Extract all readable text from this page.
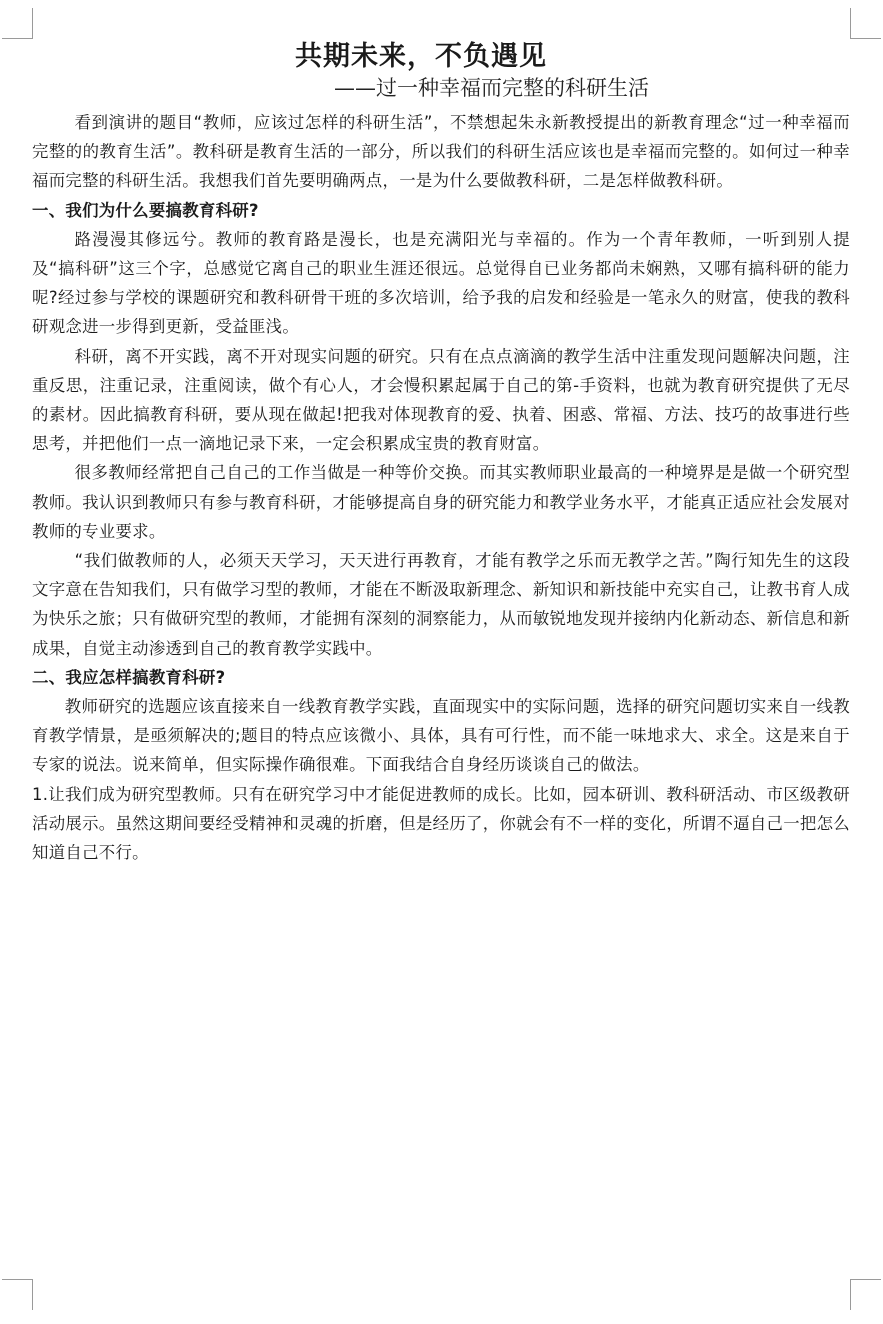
共期未来，不负遇见
——过一种幸福而完整的科研生活

看到演讲的题目“教师，应该过怎样的科研生活”，不禁想起朱永新教授提出的新教育理念“过一种幸福而完整的的教育生活”。教科研是教育生活的一部分，所以我们的科研生活应该也是幸福而完整的。如何过一种幸福而完整的科研生活。我想我们首先要明确两点，一是为什么要做教科研，二是怎样做教科研。

一、我们为什么要搞教育科研?

路漫漫其修远兮。教师的教育路是漫长，也是充满阳光与幸福的。作为一个青年教师，一听到别人提及“搞科研”这三个字，总感觉它离自己的职业生涯还很远。总觉得自已业务都尚未娴熟，又哪有搞科研的能力呢?经过参与学校的课题研究和教科研骨干班的多次培训，给予我的启发和经验是一笔永久的财富，使我的教科研观念进一步得到更新，受益匪浅。

科研，离不开实践，离不开对现实问题的研究。只有在点点滴滴的教学生活中注重发现问题解决问题，注重反思，注重记录，注重阅读，做个有心人，才会慢积累起属于自己的第-手资料，也就为教育研究提供了无尽的素材。因此搞教育科研，要从现在做起!把我对体现教育的爱、执着、困惑、常福、方法、技巧的故事进行些思考，并把他们一点一滴地记录下来，一定会积累成宝贵的教育财富。

很多教师经常把自己自己的工作当做是一种等价交换。而其实教师职业最高的一种境界是是做一个研究型教师。我认识到教师只有参与教育科研，才能够提高自身的研究能力和教学业务水平，才能真正适应社会发展对教师的专业要求。

“我们做教师的人，必须天天学习，天天进行再教育，才能有教学之乐而无教学之苦。”陶行知先生的这段文字意在告知我们，只有做学习型的教师，才能在不断汲取新理念、新知识和新技能中充实自己，让教书育人成为快乐之旅；只有做研究型的教师，才能拥有深刻的洞察能力，从而敏锐地发现并接纳内化新动态、新信息和新成果，自觉主动渗透到自己的教育教学实践中。

二、我应怎样搞教育科研?

教师研究的选题应该直接来自一线教育教学实践，直面现实中的实际问题，选择的研究问题切实来自一线教育教学情景，是亟须解决的;题目的特点应该微小、具体，具有可行性，而不能一味地求大、求全。这是来自于专家的说法。说来简单，但实际操作确很难。下面我结合自身经历谈谈自己的做法。

1.让我们成为研究型教师。只有在研究学习中才能促进教师的成长。比如，园本研训、教科研活动、市区级教研活动展示。虽然这期间要经受精神和灵魂的折磨，但是经历了，你就会有不一样的变化，所谓不逼自己一把怎么知道自己不行。
